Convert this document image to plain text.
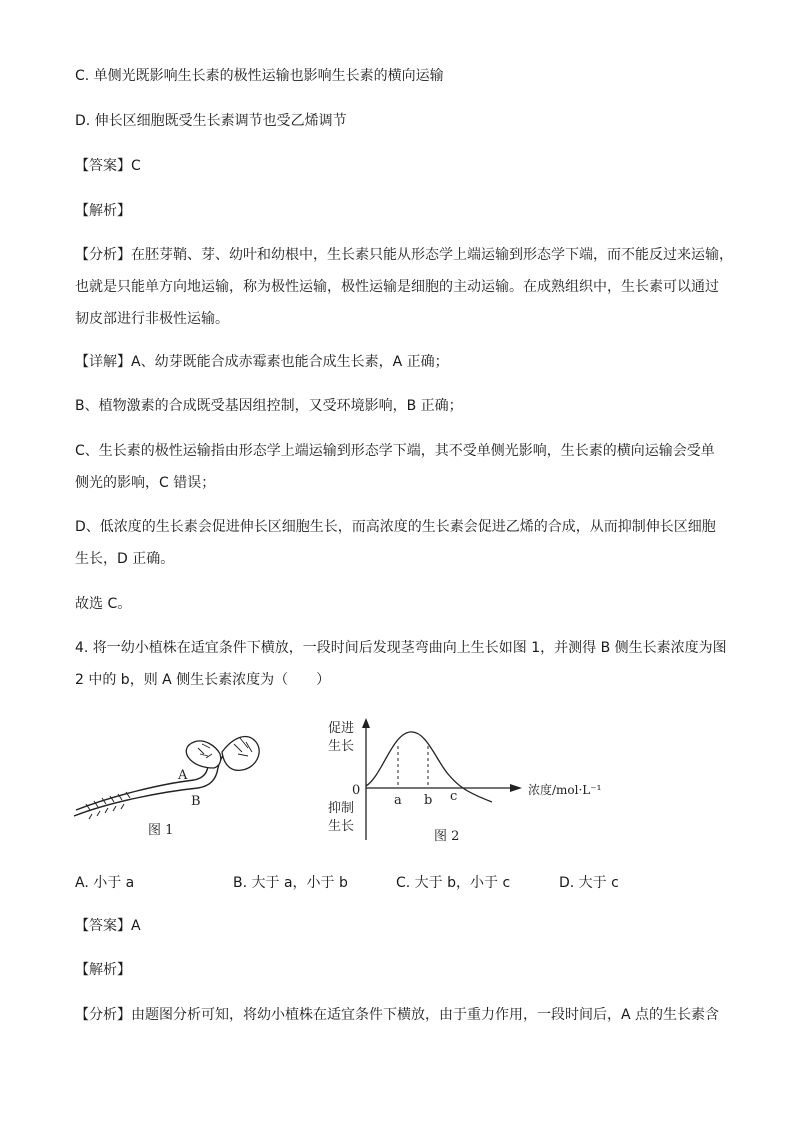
C. 单侧光既影响生长素的极性运输也影响生长素的横向运输
D. 伸长区细胞既受生长素调节也受乙烯调节
【答案】C
【解析】
【分析】在胚芽鞘、芽、幼叶和幼根中，生长素只能从形态学上端运输到形态学下端，而不能反过来运输，
也就是只能单方向地运输，称为极性运输，极性运输是细胞的主动运输。在成熟组织中，生长素可以通过
韧皮部进行非极性运输。
【详解】A、幼芽既能合成赤霉素也能合成生长素，A 正确；
B、植物激素的合成既受基因组控制，又受环境影响，B 正确；
C、生长素的极性运输指由形态学上端运输到形态学下端，其不受单侧光影响，生长素的横向运输会受单
侧光的影响，C 错误；
D、低浓度的生长素会促进伸长区细胞生长，而高浓度的生长素会促进乙烯的合成，从而抑制伸长区细胞
生长，D 正确。
故选 C。
4. 将一幼小植株在适宜条件下横放，一段时间后发现茎弯曲向上生长如图 1，并测得 B 侧生长素浓度为图
2 中的 b，则 A 侧生长素浓度为（　　）
A
B
图 1
促进
生长
0
抑制
生长
浓度/mol·L⁻¹
a b c
图 2
A. 小于 a	B. 大于 a，小于 b	C. 大于 b，小于 c	D. 大于 c
【答案】A
【解析】
【分析】由题图分析可知，将幼小植株在适宜条件下横放，由于重力作用，一段时间后，A 点的生长素含
